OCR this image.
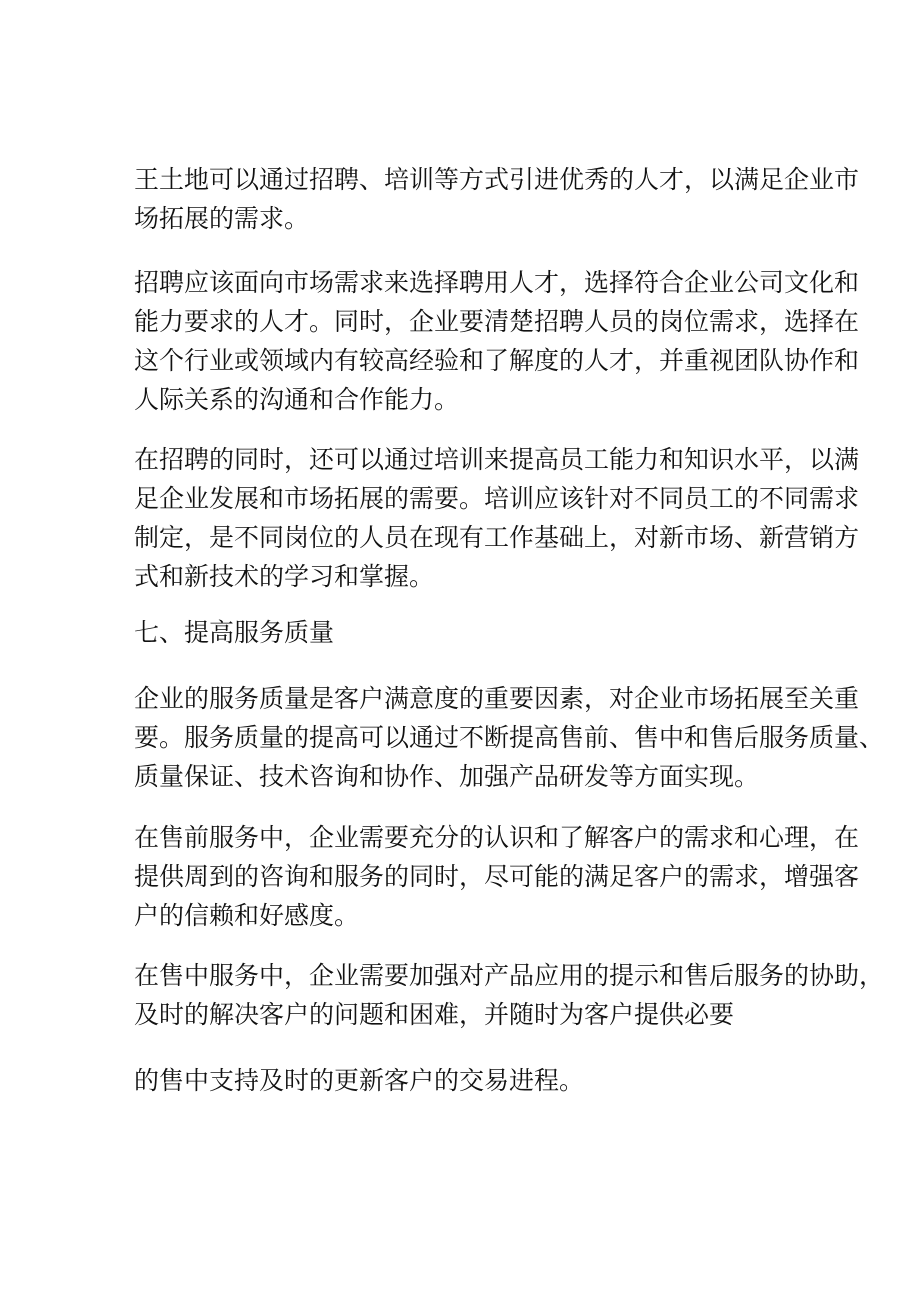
王土地可以通过招聘、培训等方式引进优秀的人才，以满足企业市
场拓展的需求。
招聘应该面向市场需求来选择聘用人才，选择符合企业公司文化和
能力要求的人才。同时，企业要清楚招聘人员的岗位需求，选择在
这个行业或领域内有较高经验和了解度的人才，并重视团队协作和
人际关系的沟通和合作能力。
在招聘的同时，还可以通过培训来提高员工能力和知识水平，以满
足企业发展和市场拓展的需要。培训应该针对不同员工的不同需求
制定，是不同岗位的人员在现有工作基础上，对新市场、新营销方
式和新技术的学习和掌握。
七、提高服务质量
企业的服务质量是客户满意度的重要因素，对企业市场拓展至关重
要。服务质量的提高可以通过不断提高售前、售中和售后服务质量、
质量保证、技术咨询和协作、加强产品研发等方面实现。
在售前服务中，企业需要充分的认识和了解客户的需求和心理，在
提供周到的咨询和服务的同时，尽可能的满足客户的需求，增强客
户的信赖和好感度。
在售中服务中，企业需要加强对产品应用的提示和售后服务的协助，
及时的解决客户的问题和困难，并随时为客户提供必要
的售中支持及时的更新客户的交易进程。
